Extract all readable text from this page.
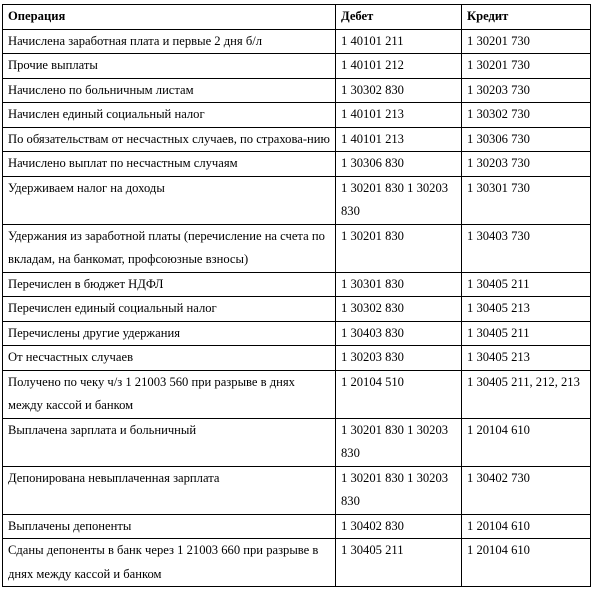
Операция	Дебет	Кредит
Начислена заработная плата и первые 2 дня б/л	1 40101 211	1 30201 730
Прочие выплаты	1 40101 212	1 30201 730
Начислено по больничным листам	1 30302 830	1 30203 730
Начислен единый социальный налог	1 40101 213	1 30302 730
По обязательствам от несчастных случаев, по страхова-нию	1 40101 213	1 30306 730
Начислено выплат по несчастным случаям	1 30306 830	1 30203 730
Удерживаем налог на доходы	1 30201 830 1 30203 830	1 30301 730
Удержания из заработной платы (перечисление на счета по вкладам, на банкомат, профсоюзные взносы)	1 30201 830	1 30403 730
Перечислен в бюджет НДФЛ	1 30301 830	1 30405 211
Перечислен единый социальный налог	1 30302 830	1 30405 213
Перечислены другие удержания	1 30403 830	1 30405 211
От несчастных случаев	1 30203 830	1 30405 213
Получено по чеку ч/з 1 21003 560 при разрыве в днях между кассой и банком	1 20104 510	1 30405 211, 212, 213
Выплачена зарплата и больничный	1 30201 830 1 30203 830	1 20104 610
Депонирована невыплаченная зарплата	1 30201 830 1 30203 830	1 30402 730
Выплачены депоненты	1 30402 830	1 20104 610
Сданы депоненты в банк через 1 21003 660 при разрыве в днях между кассой и банком	1 30405 211	1 20104 610
